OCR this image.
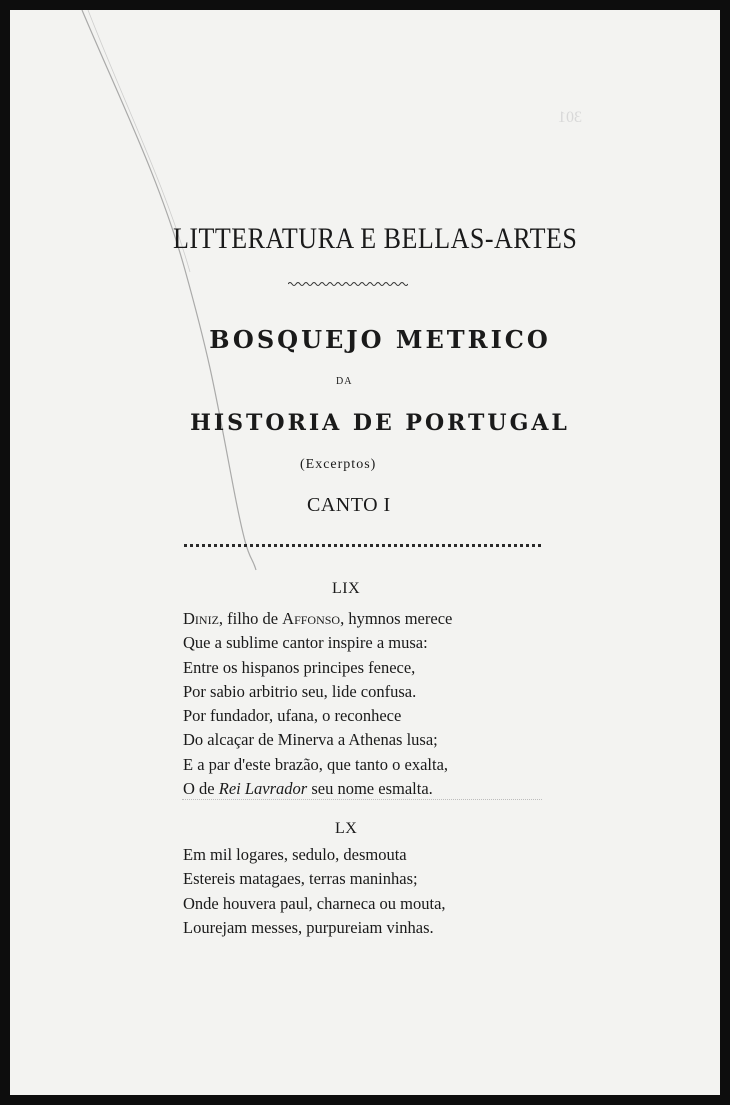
301
LITTERATURA E BELLAS-ARTES
BOSQUEJO METRICO
DA
HISTORIA DE PORTUGAL
(Excerptos)
CANTO I
LIX
Diniz, filho de Affonso, hymnos merece
Que a sublime cantor inspire a musa:
Entre os hispanos principes fenece,
Por sabio arbitrio seu, lide confusa.
Por fundador, ufana, o reconhece
Do alcaçar de Minerva a Athenas lusa;
E a par d'este brazão, que tanto o exalta,
O de Rei Lavrador seu nome esmalta.
LX
Em mil logares, sedulo, desmouta
Estereis matagaes, terras maninhas;
Onde houvera paul, charneca ou mouta,
Lourejam messes, purpureiam vinhas.
